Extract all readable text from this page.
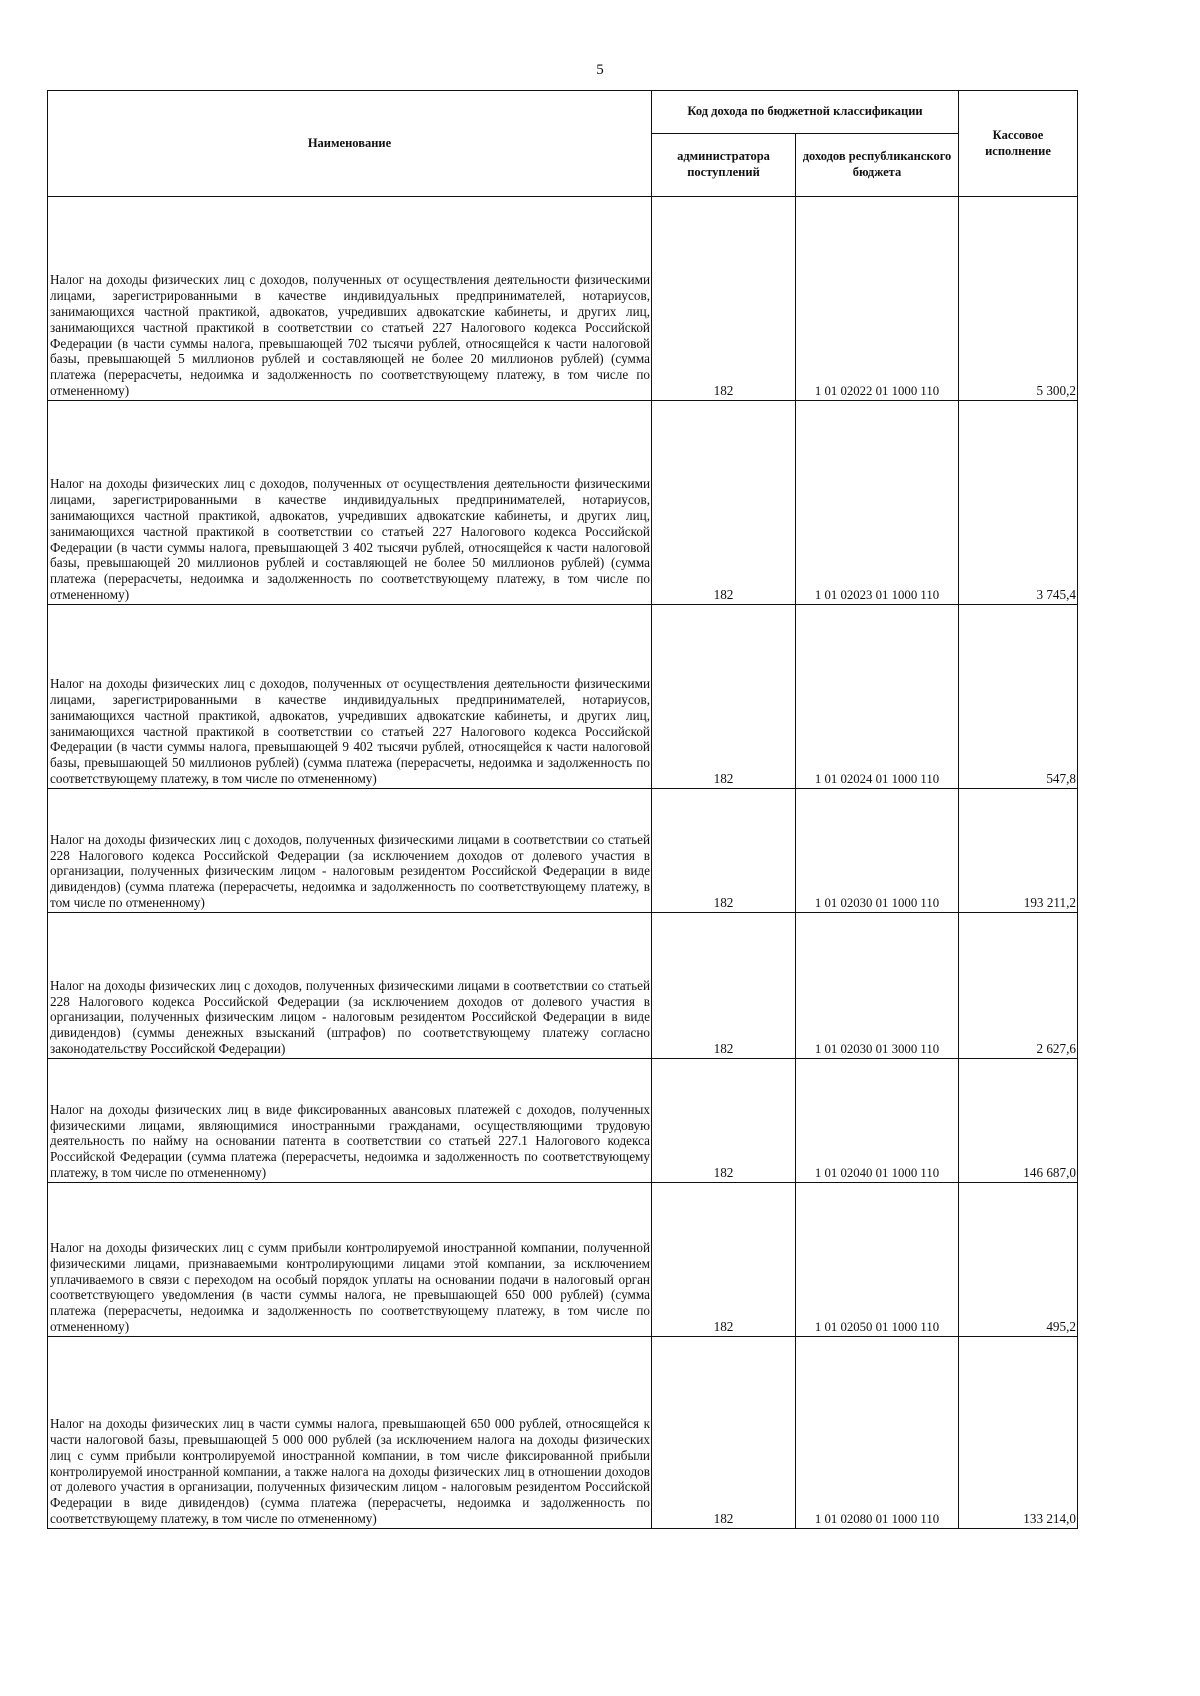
5
Наименование	Код дохода по бюджетной классификации		Кассовое исполнение
	администратора поступлений	доходов республиканского бюджета	
Налог на доходы физических лиц с доходов, полученных от осуществления деятельности физическими лицами, зарегистрированными в качестве индивидуальных предпринимателей, нотариусов, занимающихся частной практикой, адвокатов, учредивших адвокатские кабинеты, и других лиц, занимающихся частной практикой в соответствии со статьей 227 Налогового кодекса Российской Федерации (в части суммы налога, превышающей 702 тысячи рублей, относящейся к части налоговой базы, превышающей 5 миллионов рублей и составляющей не более 20 миллионов рублей) (сумма платежа (перерасчеты, недоимка и задолженность по соответствующему платежу, в том числе по отмененному)	182	1 01 02022 01 1000 110	5 300,2
Налог на доходы физических лиц с доходов, полученных от осуществления деятельности физическими лицами, зарегистрированными в качестве индивидуальных предпринимателей, нотариусов, занимающихся частной практикой, адвокатов, учредивших адвокатские кабинеты, и других лиц, занимающихся частной практикой в соответствии со статьей 227 Налогового кодекса Российской Федерации (в части суммы налога, превышающей 3 402 тысячи рублей, относящейся к части налоговой базы, превышающей 20 миллионов рублей и составляющей не более 50 миллионов рублей) (сумма платежа (перерасчеты, недоимка и задолженность по соответствующему платежу, в том числе по отмененному)	182	1 01 02023 01 1000 110	3 745,4
Налог на доходы физических лиц с доходов, полученных от осуществления деятельности физическими лицами, зарегистрированными в качестве индивидуальных предпринимателей, нотариусов, занимающихся частной практикой, адвокатов, учредивших адвокатские кабинеты, и других лиц, занимающихся частной практикой в соответствии со статьей 227 Налогового кодекса Российской Федерации (в части суммы налога, превышающей 9 402 тысячи рублей, относящейся к части налоговой базы, превышающей 50 миллионов рублей) (сумма платежа (перерасчеты, недоимка и задолженность по соответствующему платежу, в том числе по отмененному)	182	1 01 02024 01 1000 110	547,8
Налог на доходы физических лиц с доходов, полученных физическими лицами в соответствии со статьей 228 Налогового кодекса Российской Федерации (за исключением доходов от долевого участия в организации, полученных физическим лицом - налоговым резидентом Российской Федерации в виде дивидендов) (сумма платежа (перерасчеты, недоимка и задолженность по соответствующему платежу, в том числе по отмененному)	182	1 01 02030 01 1000 110	193 211,2
Налог на доходы физических лиц с доходов, полученных физическими лицами в соответствии со статьей 228 Налогового кодекса Российской Федерации (за исключением доходов от долевого участия в организации, полученных физическим лицом - налоговым резидентом Российской Федерации в виде дивидендов) (суммы денежных взысканий (штрафов) по соответствующему платежу согласно законодательству Российской Федерации)	182	1 01 02030 01 3000 110	2 627,6
Налог на доходы физических лиц в виде фиксированных авансовых платежей с доходов, полученных физическими лицами, являющимися иностранными гражданами, осуществляющими трудовую деятельность по найму на основании патента в соответствии со статьей 227.1 Налогового кодекса Российской Федерации (сумма платежа (перерасчеты, недоимка и задолженность по соответствующему платежу, в том числе по отмененному)	182	1 01 02040 01 1000 110	146 687,0
Налог на доходы физических лиц с сумм прибыли контролируемой иностранной компании, полученной физическими лицами, признаваемыми контролирующими лицами этой компании, за исключением уплачиваемого в связи с переходом на особый порядок уплаты на основании подачи в налоговый орган соответствующего уведомления (в части суммы налога, не превышающей 650 000 рублей) (сумма платежа (перерасчеты, недоимка и задолженность по соответствующему платежу, в том числе по отмененному)	182	1 01 02050 01 1000 110	495,2
Налог на доходы физических лиц в части суммы налога, превышающей 650 000 рублей, относящейся к части налоговой базы, превышающей 5 000 000 рублей (за исключением налога на доходы физических лиц с сумм прибыли контролируемой иностранной компании, в том числе фиксированной прибыли контролируемой иностранной компании, а также налога на доходы физических лиц в отношении доходов от долевого участия в организации, полученных физическим лицом - налоговым резидентом Российской Федерации в виде дивидендов) (сумма платежа (перерасчеты, недоимка и задолженность по соответствующему платежу, в том числе по отмененному)	182	1 01 02080 01 1000 110	133 214,0
